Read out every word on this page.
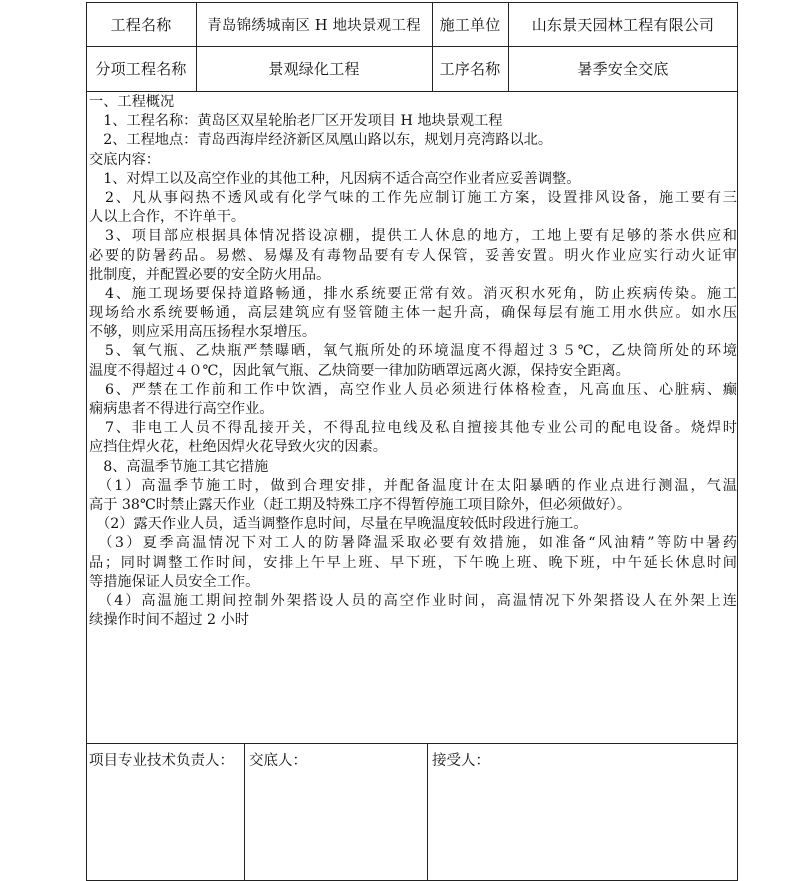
工程名称	青岛锦绣城南区 H 地块景观工程	施工单位	山东景天园林工程有限公司
分项工程名称	景观绿化工程	工序名称	暑季安全交底
一、工程概况
　1、工程名称：黄岛区双星轮胎老厂区开发项目 H 地块景观工程
　2、工程地点：青岛西海岸经济新区凤凰山路以东，规划月亮湾路以北。
交底内容：
　1、对焊工以及高空作业的其他工种，凡因病不适合高空作业者应妥善调整。
　2、凡从事闷热不透风或有化学气味的工作先应制订施工方案，设置排风设备，施工要有三
人以上合作，不许单干。
　3、项目部应根据具体情况搭设凉棚，提供工人休息的地方，工地上要有足够的茶水供应和
必要的防暑药品。易燃、易爆及有毒物品要有专人保管，妥善安置。明火作业应实行动火证审
批制度，并配置必要的安全防火用品。
　4、施工现场要保持道路畅通，排水系统要正常有效。消灭积水死角，防止疾病传染。施工
现场给水系统要畅通，高层建筑应有竖管随主体一起升高，确保每层有施工用水供应。如水压
不够，则应采用高压扬程水泵增压。
　5、氧气瓶、乙炔瓶严禁曝晒，氧气瓶所处的环境温度不得超过３５℃，乙炔筒所处的环境
温度不得超过４０℃，因此氧气瓶、乙炔筒要一律加防晒罩远离火源，保持安全距离。
　6、严禁在工作前和工作中饮酒，高空作业人员必须进行体格检查，凡高血压、心脏病、癫
痫病患者不得进行高空作业。
　7、非电工人员不得乱接开关，不得乱拉电线及私自擅接其他专业公司的配电设备。烧焊时
应挡住焊火花，杜绝因焊火花导致火灾的因素。
　8、高温季节施工其它措施
　（1）高温季节施工时，做到合理安排，并配备温度计在太阳暴晒的作业点进行测温，气温
高于 38℃时禁止露天作业（赶工期及特殊工序不得暂停施工项目除外，但必须做好）。
　（2）露天作业人员，适当调整作息时间，尽量在早晚温度较低时段进行施工。
　（3）夏季高温情况下对工人的防暑降温采取必要有效措施，如准备“风油精”等防中暑药
品；同时调整工作时间，安排上午早上班、早下班，下午晚上班、晚下班，中午延长休息时间
等措施保证人员安全工作。
　（4）高温施工期间控制外架搭设人员的高空作业时间，高温情况下外架搭设人在外架上连
续操作时间不超过 2 小时
项目专业技术负责人： 交底人：	接受人：
